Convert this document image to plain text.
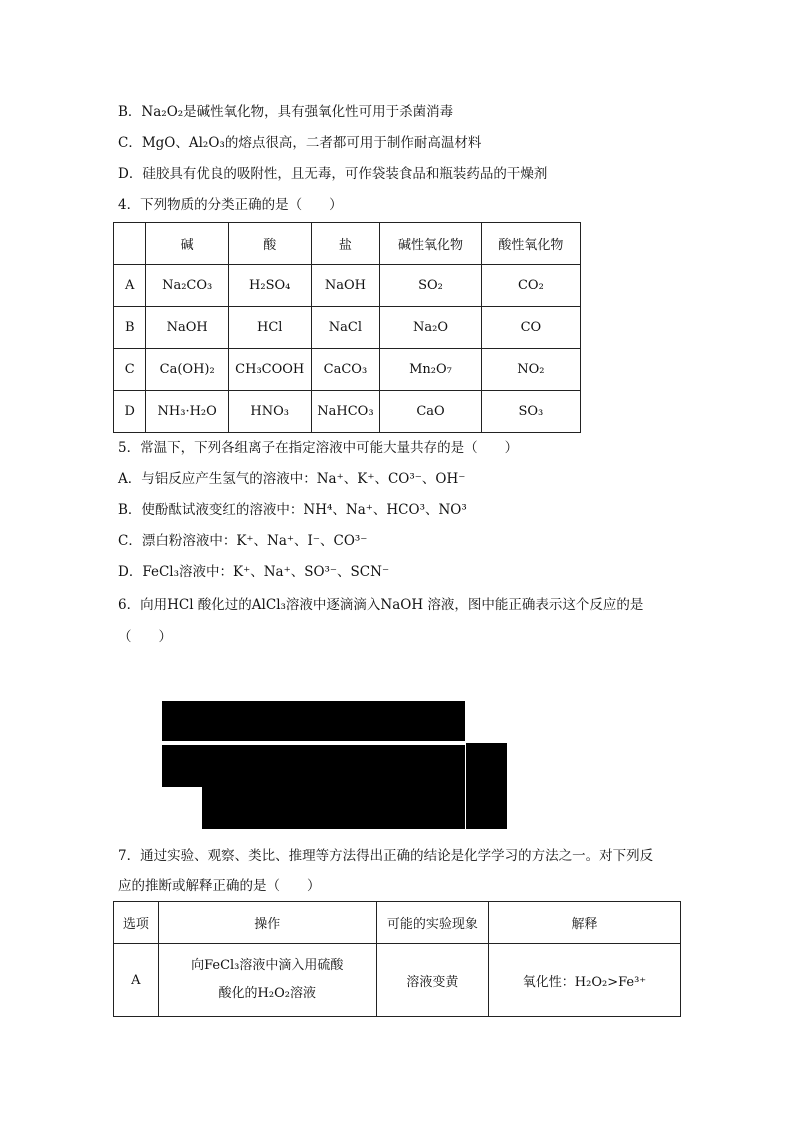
B．Na₂O₂是碱性氧化物，具有强氧化性可用于杀菌消毒
C．MgO、Al₂O₃的熔点很高，二者都可用于制作耐高温材料
D．硅胶具有优良的吸附性，且无毒，可作袋装食品和瓶装药品的干燥剂
4．下列物质的分类正确的是（　　）
	碱	酸	盐	碱性氧化物	酸性氧化物
A	Na₂CO₃	H₂SO₄	NaOH	SO₂	CO₂
B	NaOH	HCl	NaCl	Na₂O	CO
C	Ca(OH)₂	CH₃COOH	CaCO₃	Mn₂O₇	NO₂
D	NH₃·H₂O	HNO₃	NaHCO₃	CaO	SO₃
5．常温下，下列各组离子在指定溶液中可能大量共存的是（　　）
A．与铝反应产生氢气的溶液中：Na⁺、K⁺、CO³⁻、OH⁻
B．使酚酞试液变红的溶液中：NH⁴、Na⁺、HCO³、NO³
C．漂白粉溶液中：K⁺、Na⁺、I⁻、CO³⁻
D．FeCl₃溶液中：K⁺、Na⁺、SO³⁻、SCN⁻
6．向用HCl 酸化过的AlCl₃溶液中逐滴滴入NaOH 溶液，图中能正确表示这个反应的是
（　　）
7．通过实验、观察、类比、推理等方法得出正确的结论是化学学习的方法之一。对下列反
应的推断或解释正确的是（　　）
选项	操作	可能的实验现象	解释
A	向FeCl₃溶液中滴入用硫酸酸化的H₂O₂溶液	溶液变黄	氧化性：H₂O₂>Fe³⁺
